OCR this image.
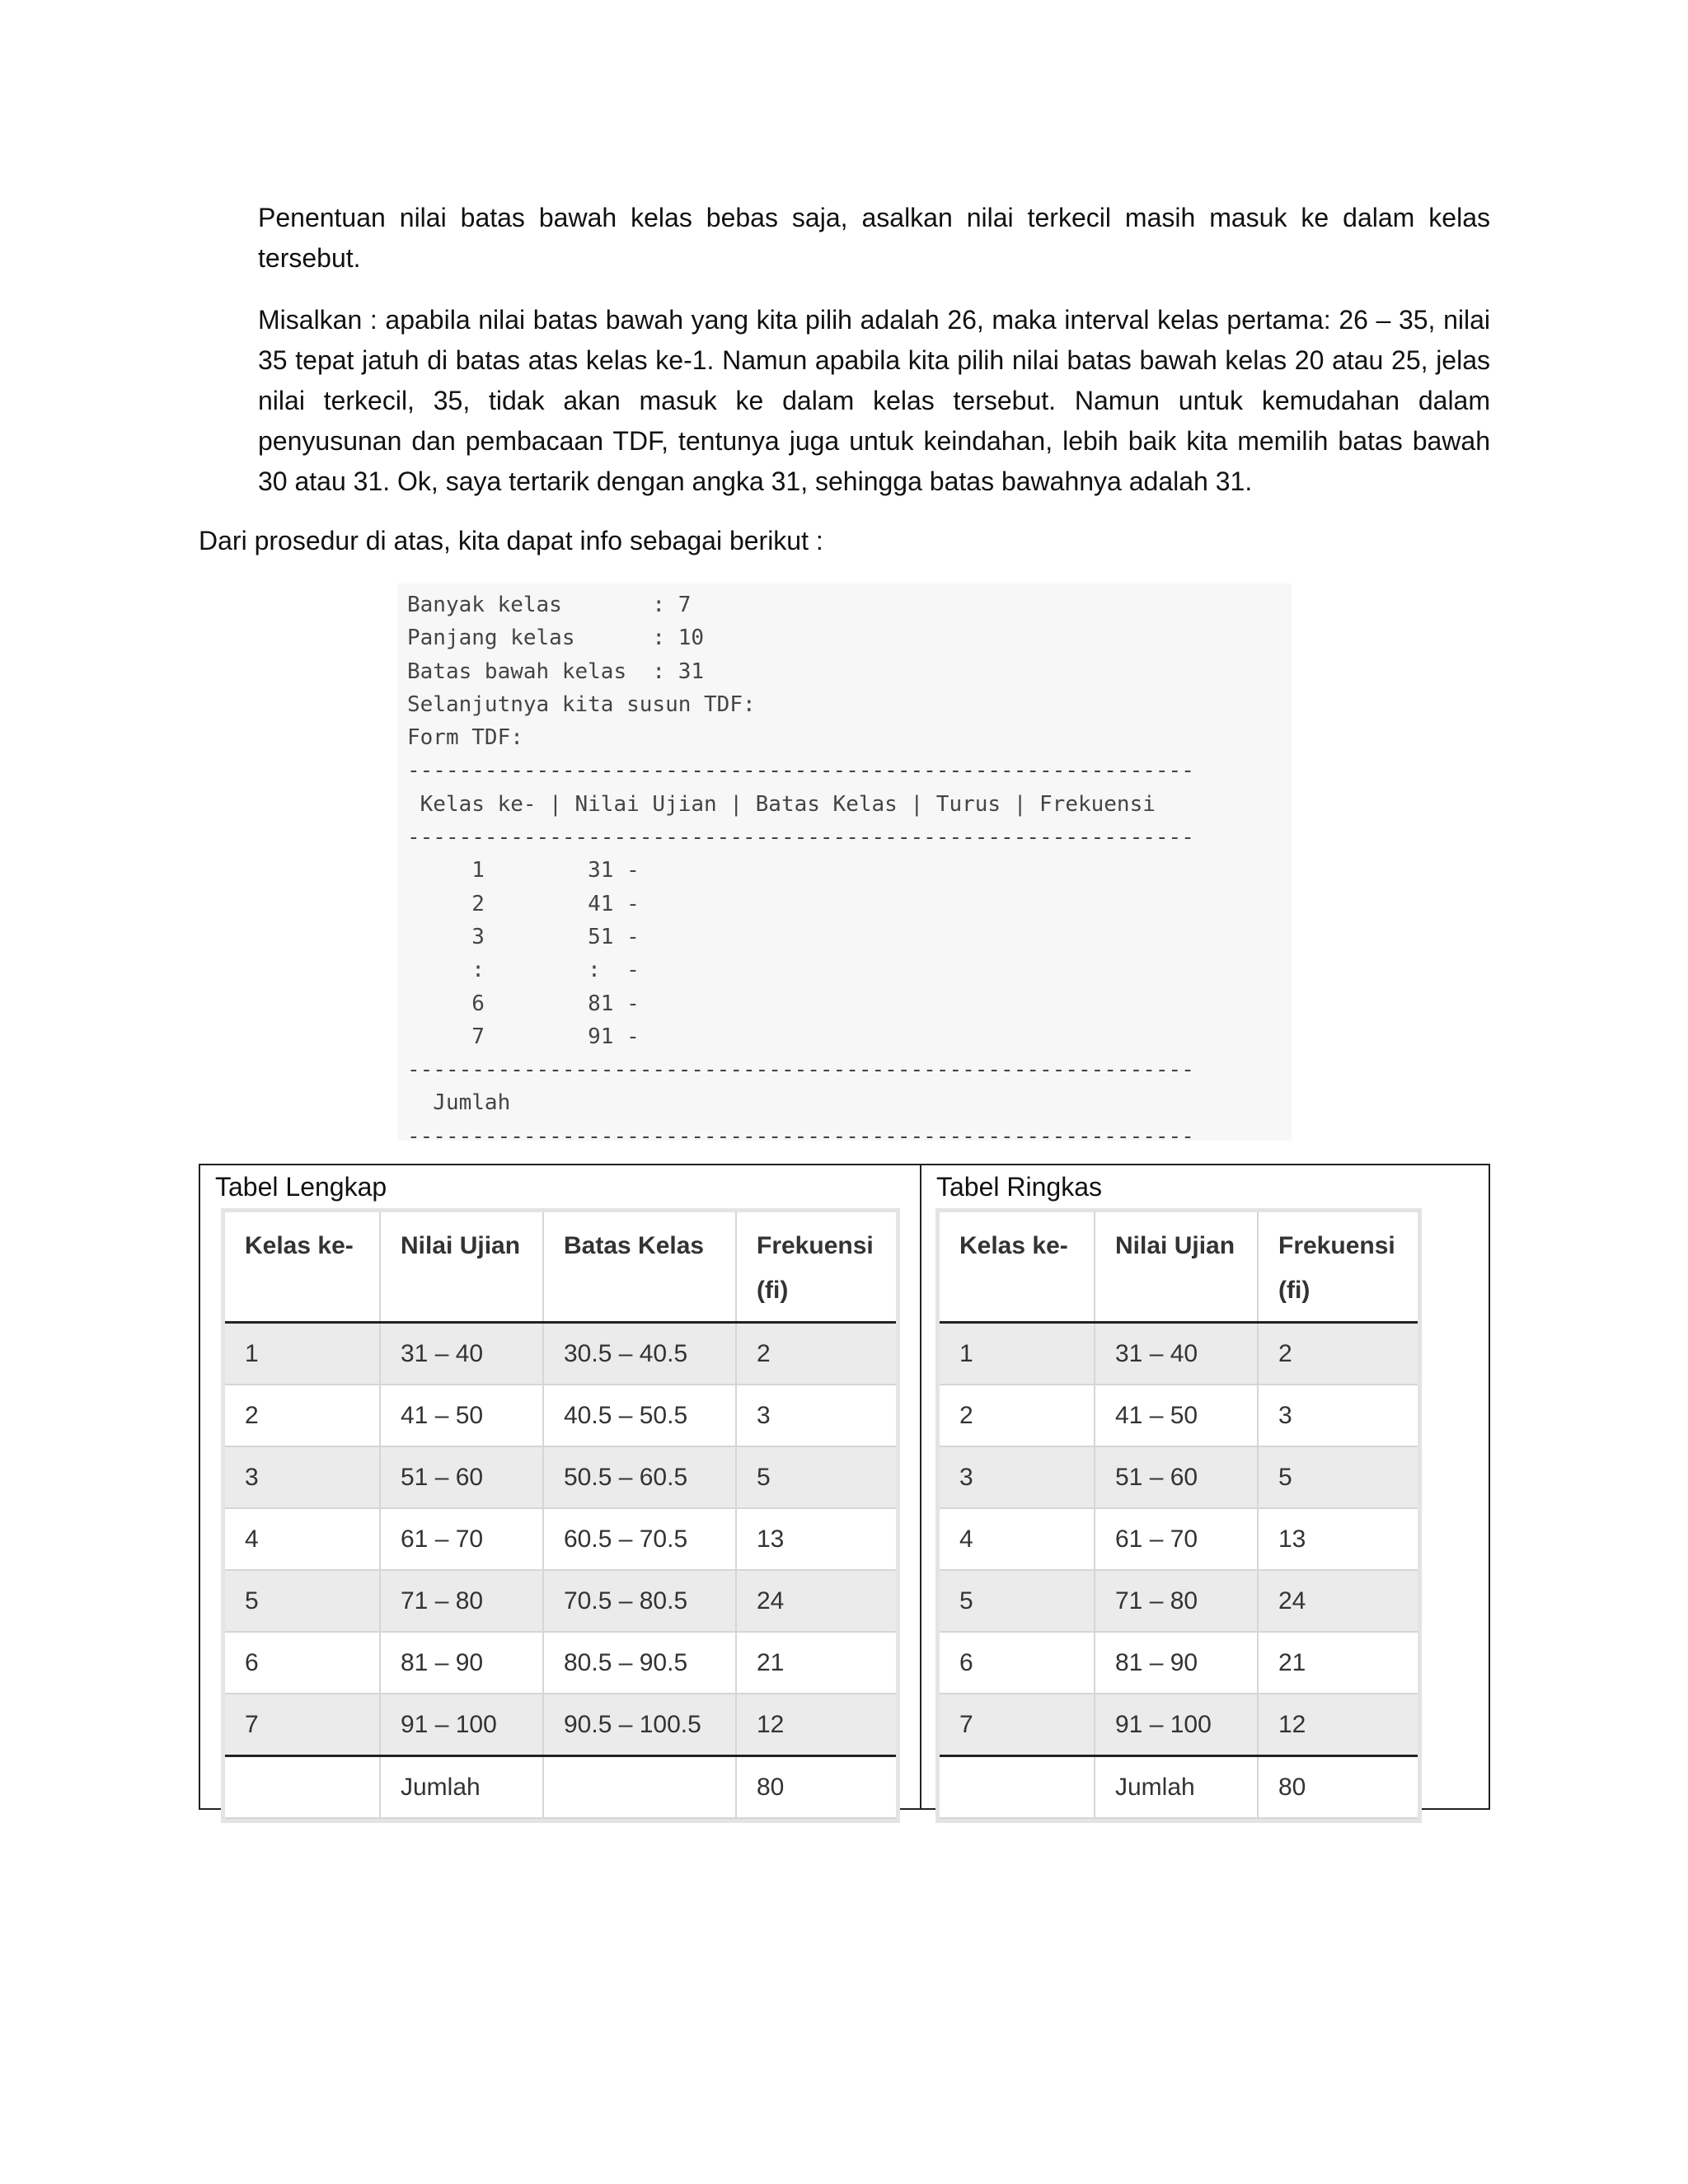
Penentuan nilai batas bawah kelas bebas saja, asalkan nilai terkecil masih masuk ke dalam kelas tersebut.

Misalkan : apabila nilai batas bawah yang kita pilih adalah 26, maka interval kelas pertama: 26 – 35, nilai 35 tepat jatuh di batas atas kelas ke-1. Namun apabila kita pilih nilai batas bawah kelas 20 atau 25, jelas nilai terkecil, 35, tidak akan masuk ke dalam kelas tersebut. Namun untuk kemudahan dalam penyusunan dan pembacaan TDF, tentunya juga untuk keindahan, lebih baik kita memilih batas bawah 30 atau 31. Ok, saya tertarik dengan angka 31, sehingga batas bawahnya adalah 31.

Dari prosedur di atas, kita dapat info sebagai berikut :

Banyak kelas       : 7
Panjang kelas      : 10
Batas bawah kelas  : 31
Selanjutnya kita susun TDF:
Form TDF:
-------------------------------------------------------------
Kelas ke- | Nilai Ujian | Batas Kelas | Turus | Frekuensi
-------------------------------------------------------------
1        31 -
2        41 -
3        51 -
:        :  -
6        81 -
7        91 -
-------------------------------------------------------------
Jumlah
-------------------------------------------------------------
Tabel Lengkap
Kelas ke-	Nilai Ujian	Batas Kelas	Frekuensi (fi)
1	31 – 40	30.5 – 40.5	2
2	41 – 50	40.5 – 50.5	3
3	51 – 60	50.5 – 60.5	5
4	61 – 70	60.5 – 70.5	13
5	71 – 80	70.5 – 80.5	24
6	81 – 90	80.5 – 90.5	21
7	91 – 100	90.5 – 100.5	12
	Jumlah		80
Tabel Ringkas
Kelas ke-	Nilai Ujian	Frekuensi (fi)
1	31 – 40	2
2	41 – 50	3
3	51 – 60	5
4	61 – 70	13
5	71 – 80	24
6	81 – 90	21
7	91 – 100	12
	Jumlah	80
